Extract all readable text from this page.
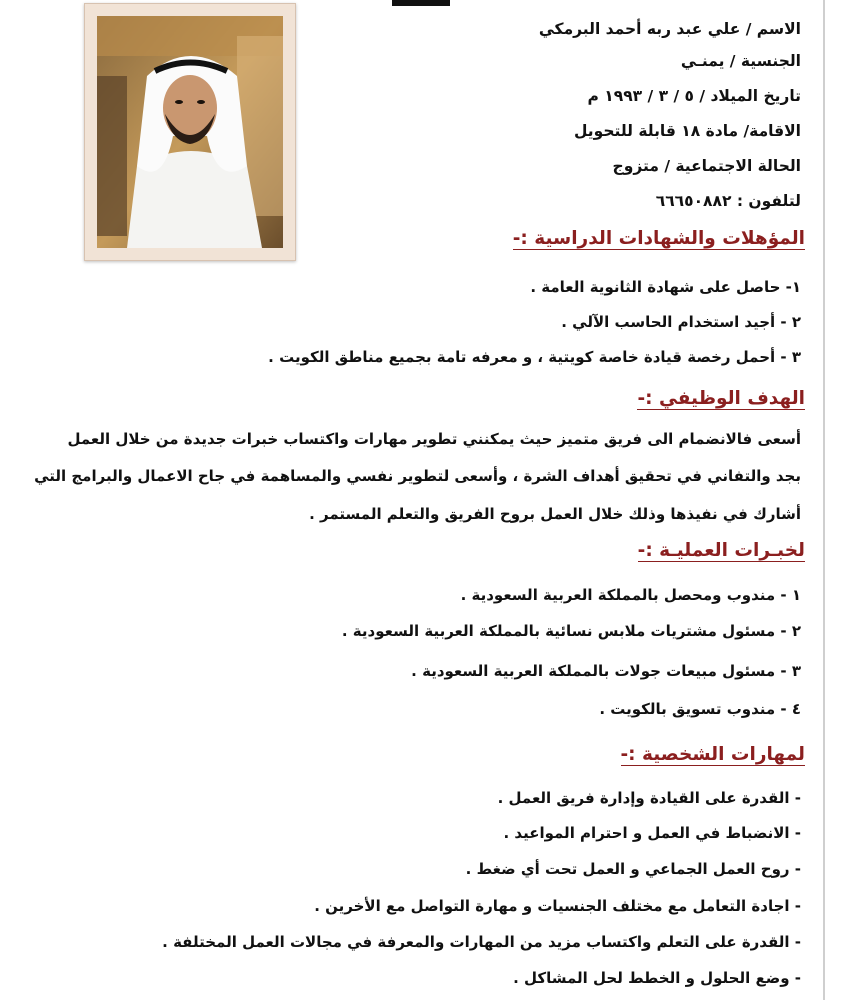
الاسم / علي عبد ربه أحمد البرمكي
الجنسية / يمنـي
تاريخ الميلاد / ٥ / ٣ / ١٩٩٣ م
الاقامة/ مادة ١٨ قابلة للتحويل
الحالة الاجتماعية / متزوج
لتلفون : ٦٦٦٥٠٨٨٢
المؤهلات والشهادات الدراسية :-
١- حاصل على شهادة الثانوية العامة .
٢ - أجيد استخدام الحاسب الآلي .
٣ - أحمل رخصة قيادة خاصة كويتية ، و معرفه تامة بجميع مناطق الكويت .
الهدف الوظيفي :-
أسعى فالانضمام الى فريق متميز حيث يمكنني تطوير مهارات واكتساب خبرات جديدة من خلال العمل
بجد والتفاني في تحقيق أهداف الشرة ، وأسعى لتطوير نفسي والمساهمة في جاح الاعمال والبرامج التي
أشارك في نفيذها وذلك خلال العمل بروح الفريق والتعلم المستمر .
لخبـرات العمليـة :-
١ - مندوب ومحصل بالمملكة العربية السعودية .
٢ - مسئول مشتريات ملابس نسائية بالمملكة العربية السعودية .
٣ - مسئول مبيعات جولات بالمملكة العربية السعودية .
٤ - مندوب تسويق بالكويت .
لمهارات الشخصية :-
- القدرة على القيادة وإدارة فريق العمل .
- الانضباط في العمل و احترام المواعيد .
- روح العمل الجماعي و العمل تحت أي ضغط .
- اجادة التعامل مع مختلف الجنسيات و مهارة التواصل مع الأخرين .
- القدرة على التعلم واكتساب مزيد من المهارات والمعرفة في مجالات العمل المختلفة .
- وضع الحلول و الخطط لحل المشاكل .
